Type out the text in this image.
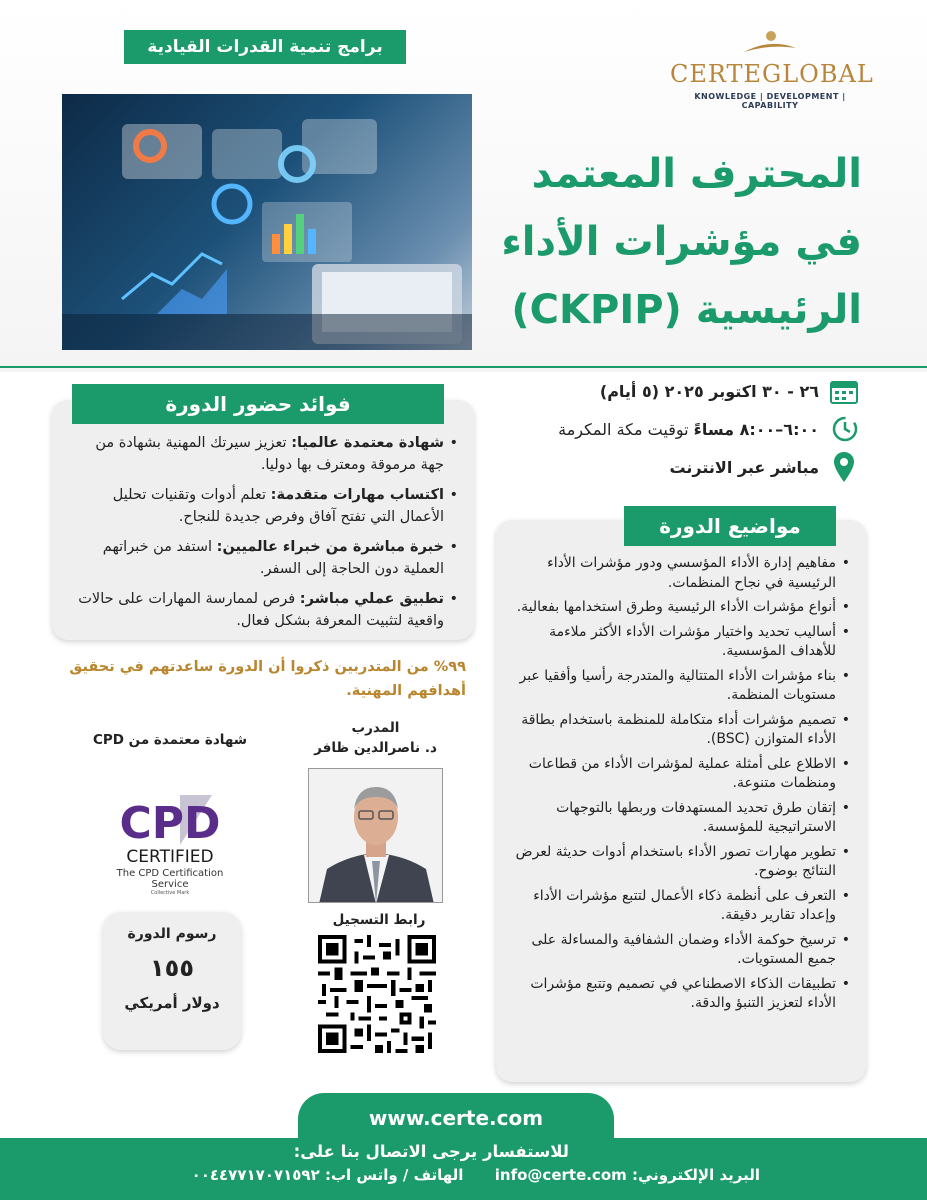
برامج تنمية القدرات القيادية
CERTEGLOBAL
KNOWLEDGE | DEVELOPMENT | CAPABILITY
المحترف المعتمد
في مؤشرات الأداء
الرئيسية (CKPIP)
٢٦ - ٣٠ اكتوبر ٢٠٢٥ (٥ أيام)
٦:٠٠–٨:٠٠ مساءً توقيت مكة المكرمة
مباشر عبر الانترنت
• شهادة معتمدة عالميا: تعزيز سيرتك المهنية بشهادة من جهة مرموقة ومعترف بها دوليا.
• اكتساب مهارات متقدمة: تعلم أدوات وتقنيات تحليل الأعمال التي تفتح آفاق وفرص جديدة للنجاح.
• خبرة مباشرة من خبراء عالميين: استفد من خبراتهم العملية دون الحاجة إلى السفر.
• تطبيق عملي مباشر: فرص لممارسة المهارات على حالات واقعية لتثبيت المعرفة بشكل فعال.
فوائد حضور الدورة
• مفاهيم إدارة الأداء المؤسسي ودور مؤشرات الأداء الرئيسية في نجاح المنظمات.
• أنواع مؤشرات الأداء الرئيسية وطرق استخدامها بفعالية.
• أساليب تحديد واختيار مؤشرات الأداء الأكثر ملاءمة للأهداف المؤسسية.
• بناء مؤشرات الأداء المتتالية والمتدرجة رأسيا وأفقيا عبر مستويات المنظمة.
• تصميم مؤشرات أداء متكاملة للمنظمة باستخدام بطاقة الأداء المتوازن (BSC).
• الاطلاع على أمثلة عملية لمؤشرات الأداء من قطاعات ومنظمات متنوعة.
• إتقان طرق تحديد المستهدفات وربطها بالتوجهات الاستراتيجية للمؤسسة.
• تطوير مهارات تصور الأداء باستخدام أدوات حديثة لعرض النتائج بوضوح.
• التعرف على أنظمة ذكاء الأعمال لتتبع مؤشرات الأداء وإعداد تقارير دقيقة.
• ترسيخ حوكمة الأداء وضمان الشفافية والمساءلة على جميع المستويات.
• تطبيقات الذكاء الاصطناعي في تصميم وتتبع مؤشرات الأداء لتعزيز التنبؤ والدقة.
مواضيع الدورة
٩٩% من المتدربين ذكروا أن الدورة ساعدتهم في تحقيق أهدافهم المهنية.
المدرب
د. ناصرالدين ظافر
شهادة معتمدة من CPD
CPD
CERTIFIED
The CPD Certification
Service
Collective Mark
رسوم الدورة
١٥٥
دولار أمريكي
رابط التسجيل
www.certe.com
للاستفسار يرجى الاتصال بنا على:
البريد الإلكتروني: info@certe.com      الهاتف / واتس اب: ٠٠٤٤٧٧١٧٠٧١٥٩٢
